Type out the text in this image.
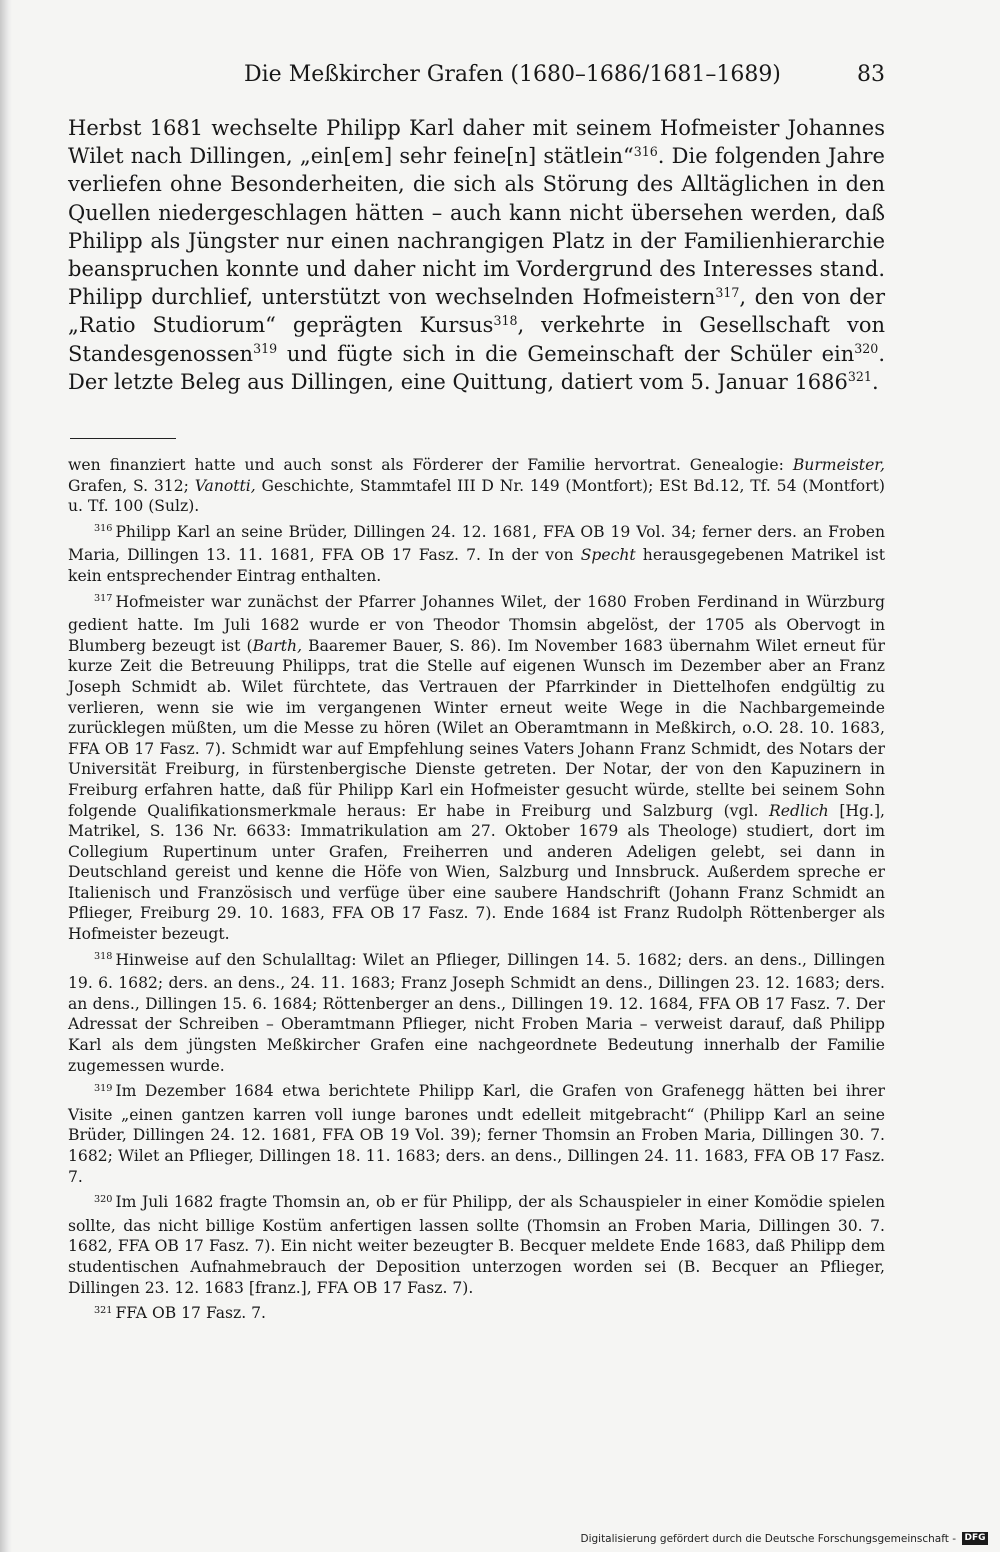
Die Meßkircher Grafen (1680–1686/1681–1689)	83

Herbst 1681 wechselte Philipp Karl daher mit seinem Hofmeister Johannes Wilet nach Dillingen, „ein[em] sehr feine[n] stätlein“$^{316}$. Die folgenden Jahre verliefen ohne Besonderheiten, die sich als Störung des Alltäglichen in den Quellen niedergeschlagen hätten – auch kann nicht übersehen werden, daß Philipp als Jüngster nur einen nachrangigen Platz in der Familienhierarchie beanspruchen konnte und daher nicht im Vordergrund des Interesses stand. Philipp durchlief, unterstützt von wechselnden Hofmeistern$^{317}$, den von der „Ratio Studiorum“ geprägten Kursus$^{318}$, verkehrte in Gesellschaft von Standesgenossen$^{319}$ und fügte sich in die Gemeinschaft der Schüler ein$^{320}$. Der letzte Beleg aus Dillingen, eine Quittung, datiert vom 5. Januar 1686$^{321}$.

wen finanziert hatte und auch sonst als Förderer der Familie hervortrat. Genealogie: Burmeister, Grafen, S. 312; Vanotti, Geschichte, Stammtafel III D Nr. 149 (Montfort); ESt Bd.12, Tf. 54 (Montfort) u. Tf. 100 (Sulz).

$^{316}$ Philipp Karl an seine Brüder, Dillingen 24. 12. 1681, FFA OB 19 Vol. 34; ferner ders. an Froben Maria, Dillingen 13. 11. 1681, FFA OB 17 Fasz. 7. In der von Specht herausgegebenen Matrikel ist kein entsprechender Eintrag enthalten.

$^{317}$ Hofmeister war zunächst der Pfarrer Johannes Wilet, der 1680 Froben Ferdinand in Würzburg gedient hatte. Im Juli 1682 wurde er von Theodor Thomsin abgelöst, der 1705 als Obervogt in Blumberg bezeugt ist (Barth, Baaremer Bauer, S. 86). Im November 1683 übernahm Wilet erneut für kurze Zeit die Betreuung Philipps, trat die Stelle auf eigenen Wunsch im Dezember aber an Franz Joseph Schmidt ab. Wilet fürchtete, das Vertrauen der Pfarrkinder in Diettelhofen endgültig zu verlieren, wenn sie wie im vergangenen Winter erneut weite Wege in die Nachbargemeinde zurücklegen müßten, um die Messe zu hören (Wilet an Oberamtmann in Meßkirch, o.O. 28. 10. 1683, FFA OB 17 Fasz. 7). Schmidt war auf Empfehlung seines Vaters Johann Franz Schmidt, des Notars der Universität Freiburg, in fürstenbergische Dienste getreten. Der Notar, der von den Kapuzinern in Freiburg erfahren hatte, daß für Philipp Karl ein Hofmeister gesucht würde, stellte bei seinem Sohn folgende Qualifikationsmerkmale heraus: Er habe in Freiburg und Salzburg (vgl. Redlich [Hg.], Matrikel, S. 136 Nr. 6633: Immatrikulation am 27. Oktober 1679 als Theologe) studiert, dort im Collegium Rupertinum unter Grafen, Freiherren und anderen Adeligen gelebt, sei dann in Deutschland gereist und kenne die Höfe von Wien, Salzburg und Innsbruck. Außerdem spreche er Italienisch und Französisch und verfüge über eine saubere Handschrift (Johann Franz Schmidt an Pflieger, Freiburg 29. 10. 1683, FFA OB 17 Fasz. 7). Ende 1684 ist Franz Rudolph Röttenberger als Hofmeister bezeugt.

$^{318}$ Hinweise auf den Schulalltag: Wilet an Pflieger, Dillingen 14. 5. 1682; ders. an dens., Dillingen 19. 6. 1682; ders. an dens., 24. 11. 1683; Franz Joseph Schmidt an dens., Dillingen 23. 12. 1683; ders. an dens., Dillingen 15. 6. 1684; Röttenberger an dens., Dillingen 19. 12. 1684, FFA OB 17 Fasz. 7. Der Adressat der Schreiben – Oberamtmann Pflieger, nicht Froben Maria – verweist darauf, daß Philipp Karl als dem jüngsten Meßkircher Grafen eine nachgeordnete Bedeutung innerhalb der Familie zugemessen wurde.

$^{319}$ Im Dezember 1684 etwa berichtete Philipp Karl, die Grafen von Grafenegg hätten bei ihrer Visite „einen gantzen karren voll iunge barones undt edelleit mitgebracht“ (Philipp Karl an seine Brüder, Dillingen 24. 12. 1681, FFA OB 19 Vol. 39); ferner Thomsin an Froben Maria, Dillingen 30. 7. 1682; Wilet an Pflieger, Dillingen 18. 11. 1683; ders. an dens., Dillingen 24. 11. 1683, FFA OB 17 Fasz. 7.

$^{320}$ Im Juli 1682 fragte Thomsin an, ob er für Philipp, der als Schauspieler in einer Komödie spielen sollte, das nicht billige Kostüm anfertigen lassen sollte (Thomsin an Froben Maria, Dillingen 30. 7. 1682, FFA OB 17 Fasz. 7). Ein nicht weiter bezeugter B. Becquer meldete Ende 1683, daß Philipp dem studentischen Aufnahmebrauch der Deposition unterzogen worden sei (B. Becquer an Pflieger, Dillingen 23. 12. 1683 [franz.], FFA OB 17 Fasz. 7).

$^{321}$ FFA OB 17 Fasz. 7.

Digitalisierung gefördert durch die Deutsche Forschungsgemeinschaft - DFG
